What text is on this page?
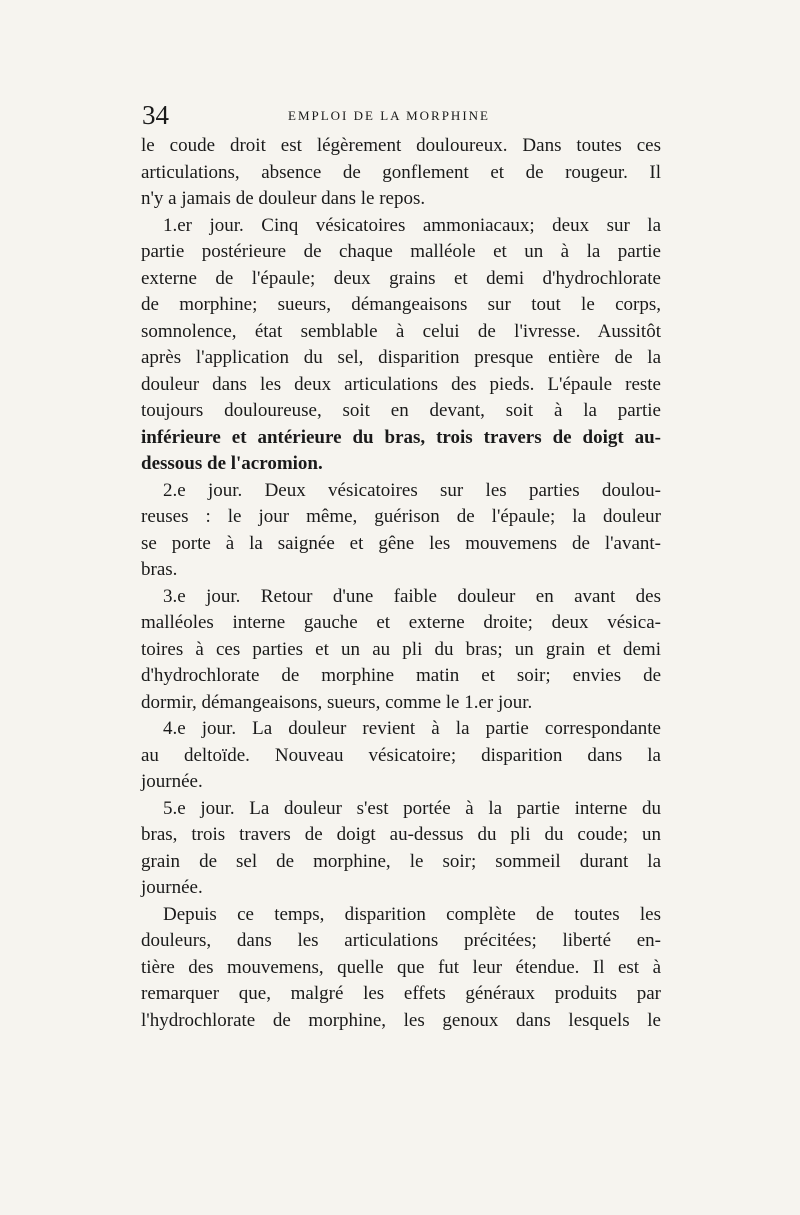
34	EMPLOI DE LA MORPHINE
le coude droit est légèrement douloureux. Dans toutes ces
articulations, absence de gonflement et de rougeur. Il
n'y a jamais de douleur dans le repos.
1.er jour. Cinq vésicatoires ammoniacaux; deux sur la
partie postérieure de chaque malléole et un à la partie
externe de l'épaule; deux grains et demi d'hydrochlorate
de morphine; sueurs, démangeaisons sur tout le corps,
somnolence, état semblable à celui de l'ivresse. Aussitôt
après l'application du sel, disparition presque entière de la
douleur dans les deux articulations des pieds. L'épaule reste
toujours douloureuse, soit en devant, soit à la partie
inférieure et antérieure du bras, trois travers de doigt au-
dessous de l'acromion.
2.e jour. Deux vésicatoires sur les parties doulou-
reuses : le jour même, guérison de l'épaule; la douleur
se porte à la saignée et gêne les mouvemens de l'avant-
bras.
3.e jour. Retour d'une faible douleur en avant des
malléoles interne gauche et externe droite; deux vésica-
toires à ces parties et un au pli du bras; un grain et demi
d'hydrochlorate de morphine matin et soir; envies de
dormir, démangeaisons, sueurs, comme le 1.er jour.
4.e jour. La douleur revient à la partie correspondante
au deltoïde. Nouveau vésicatoire; disparition dans la
journée.
5.e jour. La douleur s'est portée à la partie interne du
bras, trois travers de doigt au-dessus du pli du coude; un
grain de sel de morphine, le soir; sommeil durant la
journée.
Depuis ce temps, disparition complète de toutes les
douleurs, dans les articulations précitées; liberté en-
tière des mouvemens, quelle que fut leur étendue. Il est à
remarquer que, malgré les effets généraux produits par
l'hydrochlorate de morphine, les genoux dans lesquels le
